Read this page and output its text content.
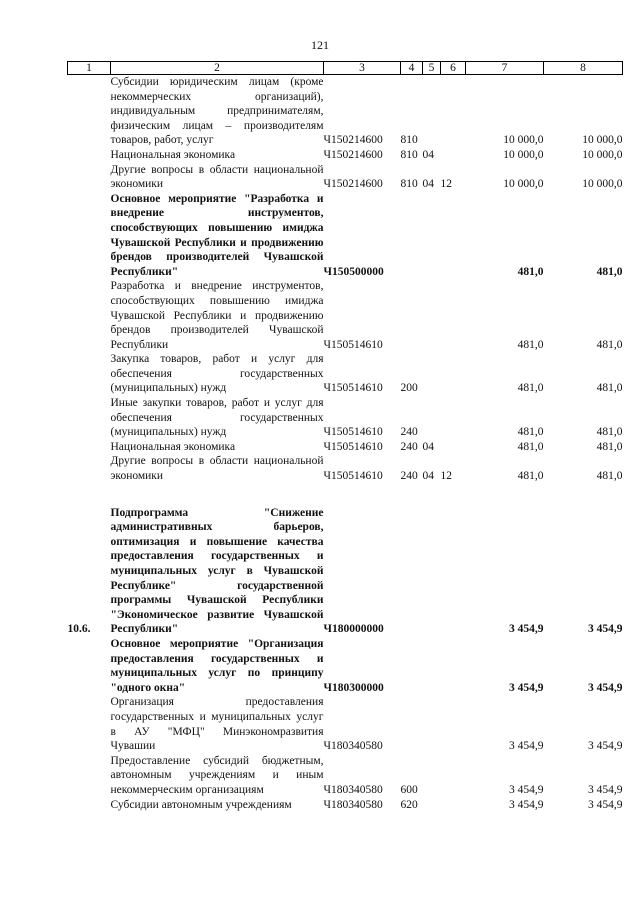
121
1	2	3	4	5	6	7	8
	Субсидии юридическим лицам (кроме некоммерческих организаций), индивидуальным предпринимателям, физическим лицам – производителям товаров, работ, услуг	Ч150214600	810			10 000,0	10 000,0
	Национальная экономика	Ч150214600	810	04		10 000,0	10 000,0
	Другие вопросы в области национальной экономики	Ч150214600	810	04	12	10 000,0	10 000,0
	Основное мероприятие "Разработка и внедрение инструментов, способствующих повышению имиджа Чувашской Республики и продвижению брендов производителей Чувашской Республики"	Ч150500000				481,0	481,0
	Разработка и внедрение инструментов, способствующих повышению имиджа Чувашской Республики и продвижению брендов производителей Чувашской Республики	Ч150514610				481,0	481,0
	Закупка товаров, работ и услуг для обеспечения государственных (муниципальных) нужд	Ч150514610	200			481,0	481,0
	Иные закупки товаров, работ и услуг для обеспечения государственных (муниципальных) нужд	Ч150514610	240			481,0	481,0
	Национальная экономика	Ч150514610	240	04		481,0	481,0
	Другие вопросы в области национальной экономики	Ч150514610	240	04	12	481,0	481,0

10.6.	Подпрограмма "Снижение административных барьеров, оптимизация и повышение качества предоставления государственных и муниципальных услуг в Чувашской Республике" государственной программы Чувашской Республики "Экономическое развитие Чувашской Республики"	Ч180000000				3 454,9	3 454,9
	Основное мероприятие "Организация предоставления государственных и муниципальных услуг по принципу "одного окна"	Ч180300000				3 454,9	3 454,9
	Организация предоставления государственных и муниципальных услуг в АУ "МФЦ" Минэкономразвития Чувашии	Ч180340580				3 454,9	3 454,9
	Предоставление субсидий бюджетным, автономным учреждениям и иным некоммерческим организациям	Ч180340580	600			3 454,9	3 454,9
	Субсидии автономным учреждениям	Ч180340580	620			3 454,9	3 454,9
